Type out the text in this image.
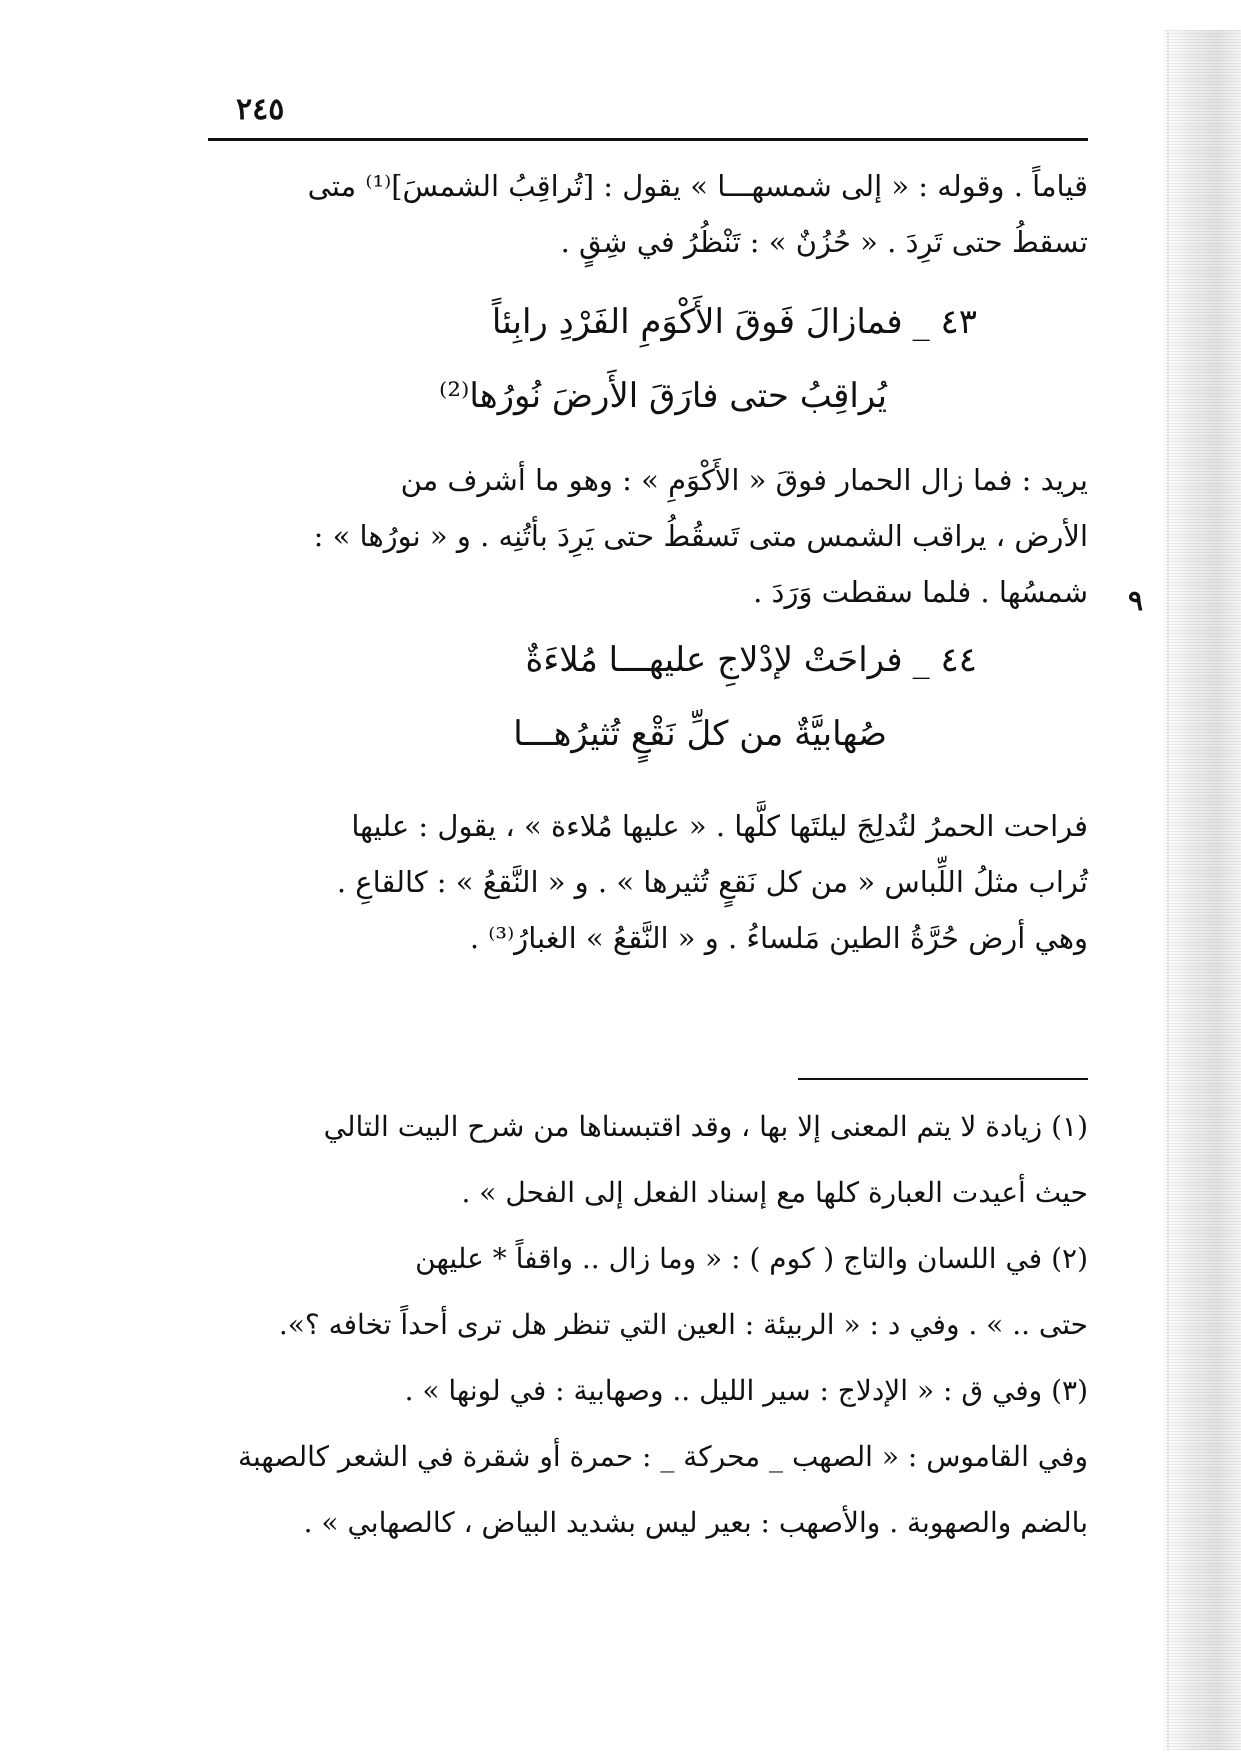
٢٤٥

قياماً . وقوله : « إلى شمسهـــا » يقول : [تُراقِبُ الشمسَ]⁽¹⁾ متى

تسقطُ حتى تَرِدَ . « حُزُنٌ » : تَنْظُرُ في شِقٍ .

٤٣ _فمازالَ فَوقَ الأَكْوَمِ الفَرْدِ رابِئاً
يُراقِبُ حتى فارَقَ الأَرضَ نُورُها⁽²⁾

يريد : فما زال الحمار فوقَ « الأَكْوَمِ » : وهو ما أشرف من

الأرض ، يراقب الشمس متى تَسقُطُ حتى يَرِدَ بأتُنِه . و « نورُها » :

شمسُها . فلما سقطت وَرَدَ . ٩
٤٤ _فراحَتْ لإدْلاجِ عليهـــا مُلاءَةٌ
صُهابيَّةٌ من كلِّ نَقْعٍ تُثيرُهـــا

فراحت الحمرُ لتُدلِجَ ليلتَها كلَّها . « عليها مُلاءة » ، يقول : عليها

تُراب مثلُ اللِّباس « من كل نَقعٍ تُثيرها » . و « النَّقعُ » : كالقاعِ .

وهي أرض حُرَّةُ الطين مَلساءُ . و « النَّقعُ » الغبارُ⁽³⁾ .

(١) زيادة لا يتم المعنى إلا بها ، وقد اقتبسناها من شرح البيت التالي

حيث أعيدت العبارة كلها مع إسناد الفعل إلى الفحل » .

(٢) في اللسان والتاج ( كوم ) : « وما زال .. واقفاً * عليهن

حتى .. » . وفي د : « الربيئة : العين التي تنظر هل ترى أحداً تخافه ؟».

(٣) وفي ق : « الإدلاج : سير الليل .. وصهابية : في لونها » .

وفي القاموس : « الصهب _ محركة _ : حمرة أو شقرة في الشعر كالصهبة

بالضم والصهوبة . والأصهب : بعير ليس بشديد البياض ، كالصهابي » .
